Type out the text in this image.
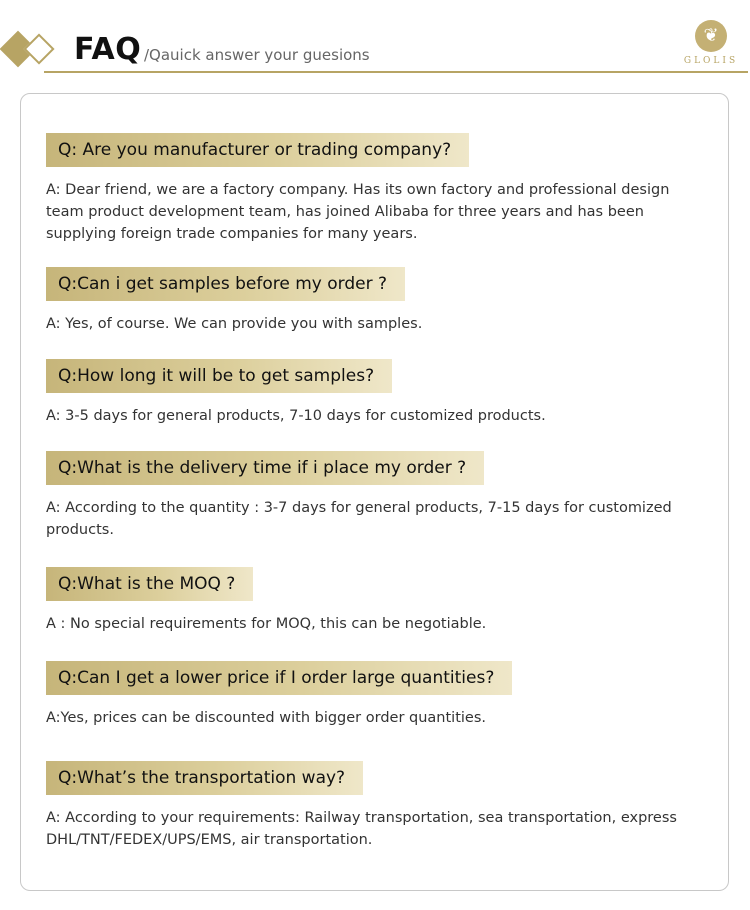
FAQ /Qauick answer your guesions
❦
GLOLIS
Q: Are you manufacturer or trading company?
A: Dear friend, we are a factory company. Has its own factory and professional design team product development team, has joined Alibaba for three years and has been supplying foreign trade companies for many years.
Q:Can i get samples before my order ?
A: Yes, of course. We can provide you with samples.
Q:How long it will be to get samples?
A: 3-5 days for general products, 7-10 days for customized products.
Q:What is the delivery time if i place my order ?
A: According to the quantity : 3-7 days for general products, 7-15 days for customized products.
Q:What is the MOQ ?
A : No special requirements for MOQ, this can be negotiable.
Q:Can I get a lower price if I order large quantities?
A:Yes, prices can be discounted with bigger order quantities.
Q:What’s the transportation way?
A: According to your requirements: Railway transportation, sea transportation, express DHL/TNT/FEDEX/UPS/EMS, air transportation.
